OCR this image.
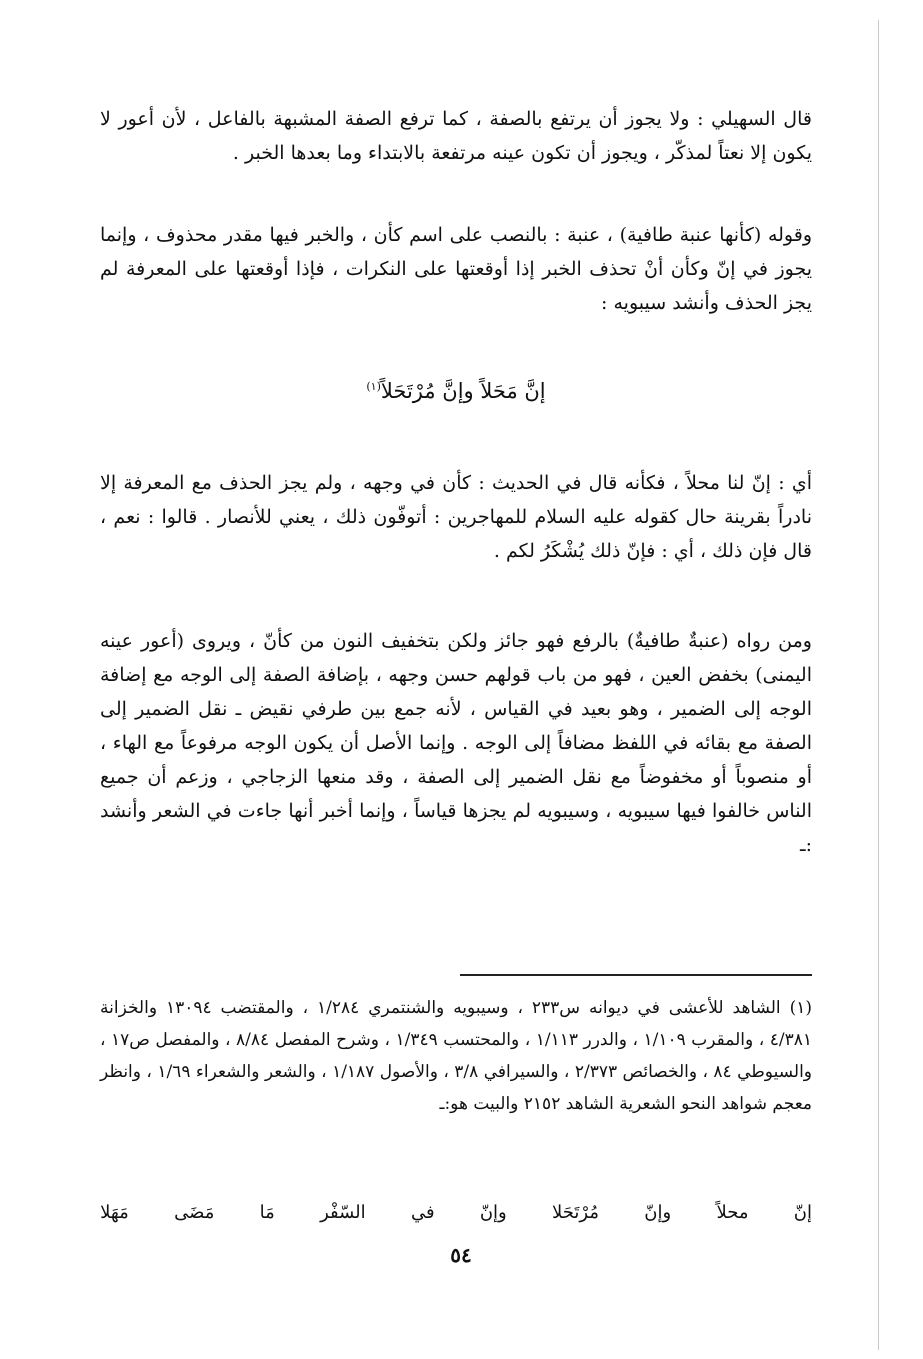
قال السهيلي : ولا يجوز أن يرتفع بالصفة ، كما ترفع الصفة المشبهة بالفاعل ، لأن أعور لا يكون إلا نعتاً لمذكّر ، ويجوز أن تكون عينه مرتفعة بالابتداء وما بعدها الخبر .

وقوله (كأنها عنبة طافية) ، عنبة : بالنصب على اسم كأن ، والخبر فيها مقدر محذوف ، وإنما يجوز في إنّ وكأن أنْ تحذف الخبر إذا أوقعتها على النكرات ، فإذا أوقعتها على المعرفة لم يجز الحذف وأنشد سيبويه :

إنَّ مَحَلاً وإنَّ مُرْتَحَلاً$^{(١)}$

أي : إنّ لنا محلاً ، فكأنه قال في الحديث : كأن في وجهه ، ولم يجز الحذف مع المعرفة إلا نادراً بقرينة حال كقوله عليه السلام للمهاجرين : أتوفّون ذلك ، يعني للأنصار . قالوا : نعم ، قال فإن ذلك ، أي : فإنّ ذلك يُشْكَرُ لكم .

ومن رواه (عنبةٌ طافيةٌ) بالرفع فهو جائز ولكن بتخفيف النون من كأنّ ، ويروى (أعور عينه اليمنى) بخفض العين ، فهو من باب قولهم حسن وجهه ، بإضافة الصفة إلى الوجه مع إضافة الوجه إلى الضمير ، وهو بعيد في القياس ، لأنه جمع بين طرفي نقيض ـ نقل الضمير إلى الصفة مع بقائه في اللفظ مضافاً إلى الوجه . وإنما الأصل أن يكون الوجه مرفوعاً مع الهاء ، أو منصوباً أو مخفوضاً مع نقل الضمير إلى الصفة ، وقد منعها الزجاجي ، وزعم أن جميع الناس خالفوا فيها سيبويه ، وسيبويه لم يجزها قياساً ، وإنما أخبر أنها جاءت في الشعر وأنشد :ـ

(١) الشاهد للأعشى في ديوانه س٢٣٣ ، وسيبويه والشنتمري ١/٢٨٤ ، والمقتضب ١٣٠٩٤ والخزانة ٤/٣٨١ ، والمقرب ١/١٠٩ ، والدرر ١/١١٣ ، والمحتسب ١/٣٤٩ ، وشرح المفصل ٨/٨٤ ، والمفصل ص١٧ ، والسيوطي ٨٤ ، والخصائص ٢/٣٧٣ ، والسيرافي ٣/٨ ، والأصول ١/١٨٧ ، والشعر والشعراء ١/٦٩ ، وانظر معجم شواهد النحو الشعرية الشاهد ٢١٥٢ والبيت هو:ـ

إنّ
محلاً
وإنّ
مُرْتَحَلا
وإنّ
في
السّفْر
مَا
مَضَى
مَهَلا
٥٤
